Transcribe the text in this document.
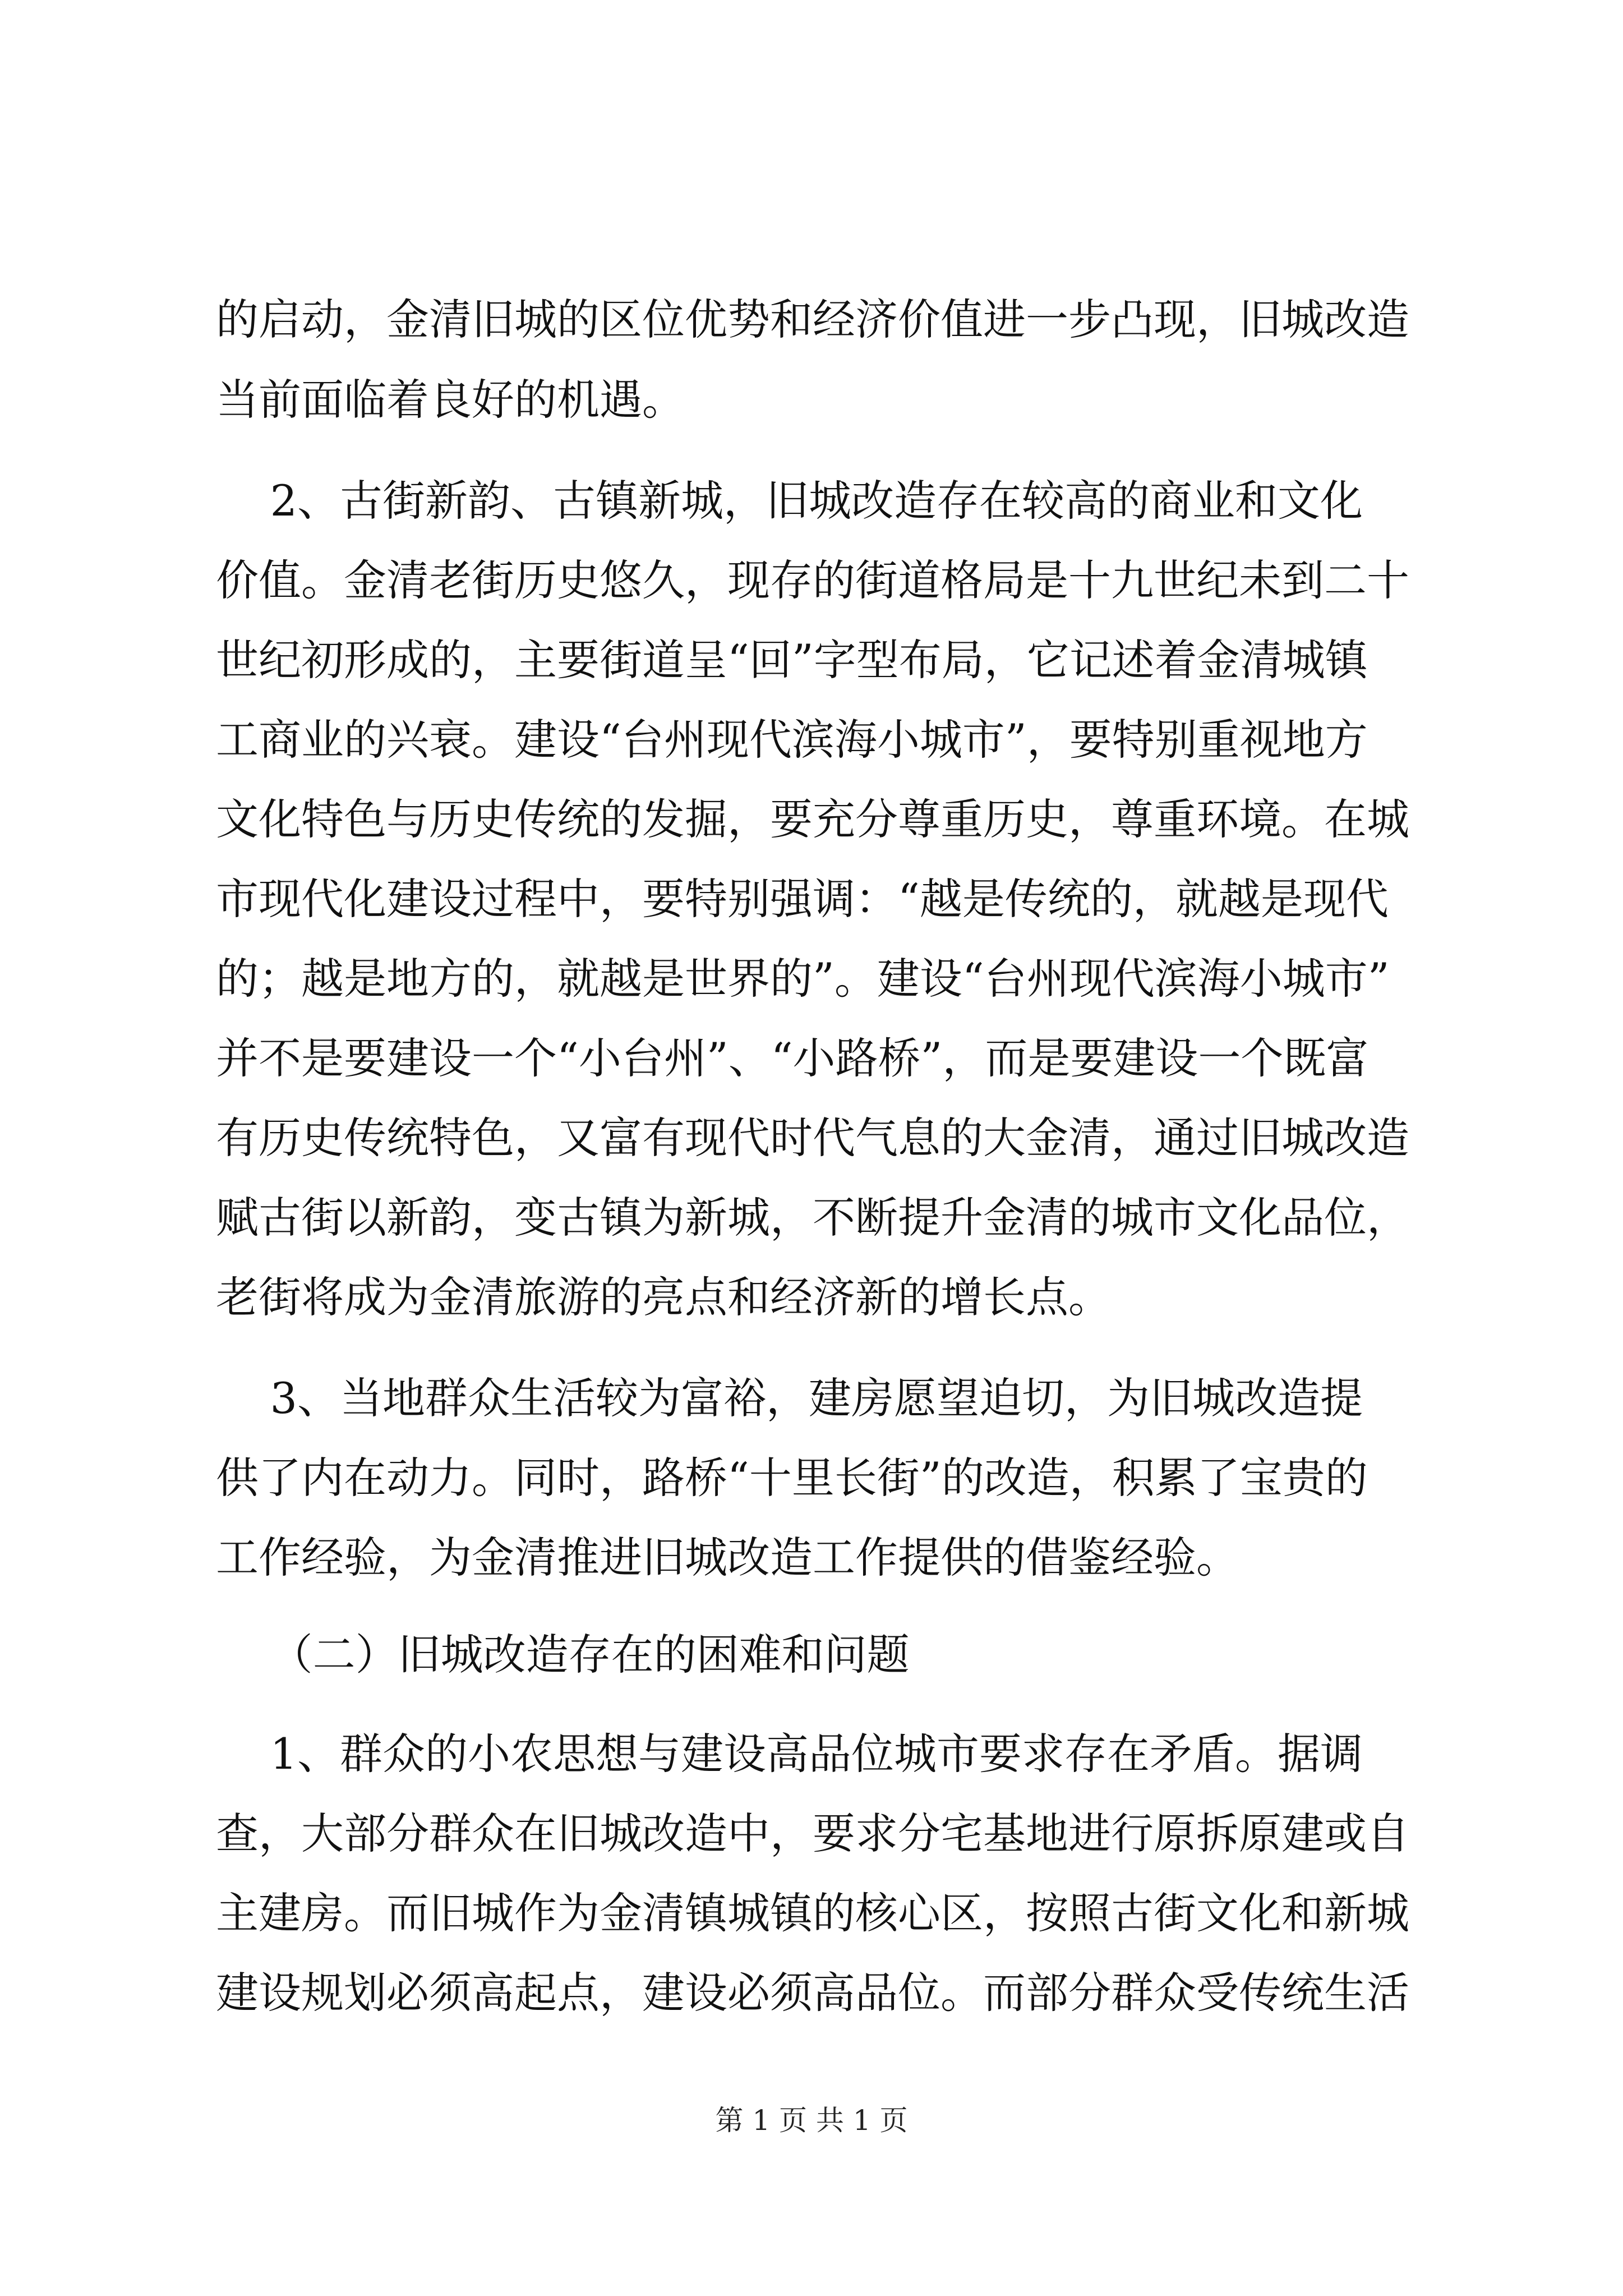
的启动，金清旧城的区位优势和经济价值进一步凸现，旧城改造
当前面临着良好的机遇。
2、古街新韵、古镇新城，旧城改造存在较高的商业和文化
价值。金清老街历史悠久，现存的街道格局是十九世纪未到二十
世纪初形成的，主要街道呈“回”字型布局，它记述着金清城镇
工商业的兴衰。建设“台州现代滨海小城市”，要特别重视地方
文化特色与历史传统的发掘，要充分尊重历史，尊重环境。在城
市现代化建设过程中，要特别强调：“越是传统的，就越是现代
的；越是地方的，就越是世界的”。建设“台州现代滨海小城市”
并不是要建设一个“小台州”、“小路桥”，而是要建设一个既富
有历史传统特色，又富有现代时代气息的大金清，通过旧城改造
赋古街以新韵，变古镇为新城，不断提升金清的城市文化品位，
老街将成为金清旅游的亮点和经济新的增长点。
3、当地群众生活较为富裕，建房愿望迫切，为旧城改造提
供了内在动力。同时，路桥“十里长街”的改造，积累了宝贵的
工作经验，为金清推进旧城改造工作提供的借鉴经验。
（二）旧城改造存在的困难和问题
1、群众的小农思想与建设高品位城市要求存在矛盾。据调
查，大部分群众在旧城改造中，要求分宅基地进行原拆原建或自
主建房。而旧城作为金清镇城镇的核心区，按照古街文化和新城
建设规划必须高起点，建设必须高品位。而部分群众受传统生活
第 1 页 共 1 页
